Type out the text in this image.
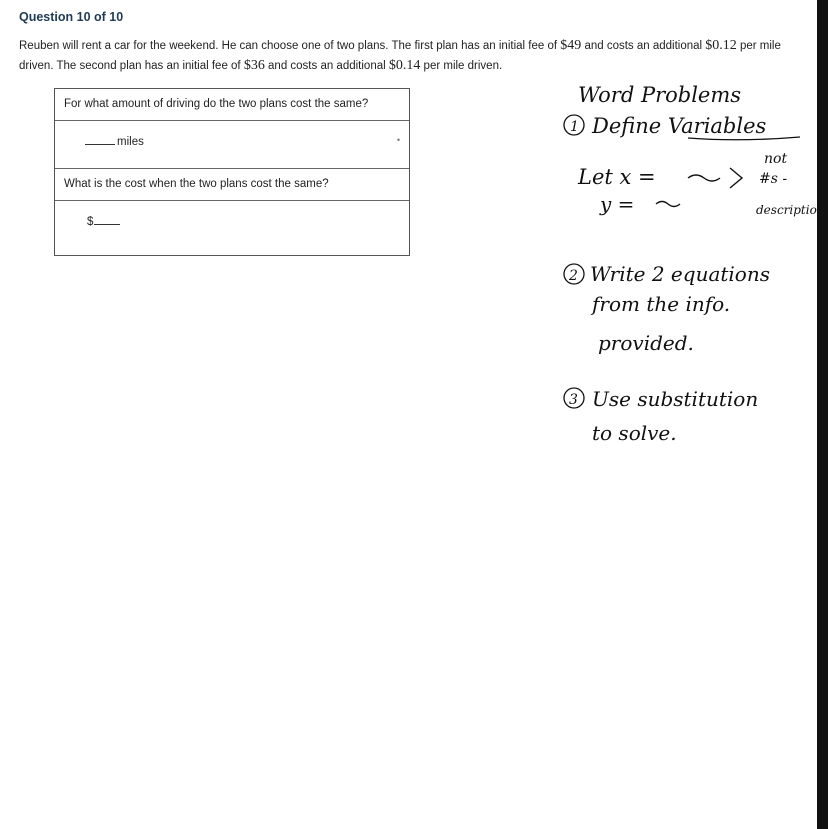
Question 10 of 10
Reuben will rent a car for the weekend. He can choose one of two plans. The first plan has an initial fee of $49 and costs an additional $0.12 per mile driven. The second plan has an initial fee of $36 and costs an additional $0.14 per mile driven.
For what amount of driving do the two plans cost the same?
miles	•
What is the cost when the two plans cost the same?
$
Word Problems
1 Define Variables
Let x =
not
#s -
descriptio
y =
2 Write 2 equations
from the info.
provided.
3 Use substitution
to solve.
